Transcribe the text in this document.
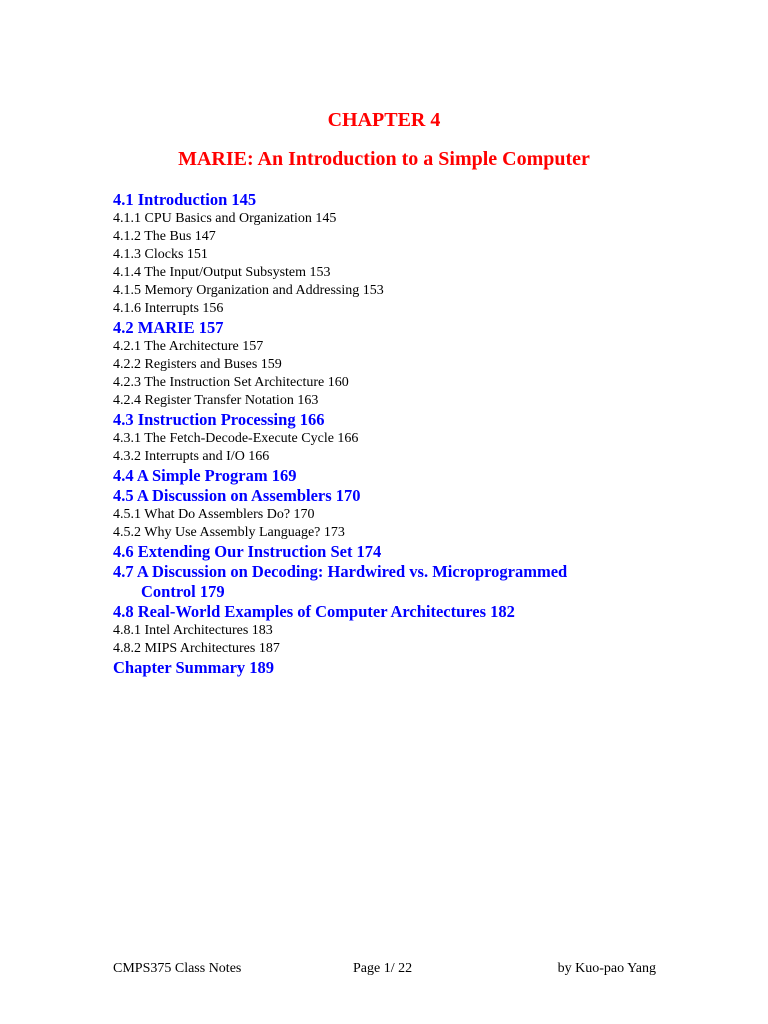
CHAPTER 4
MARIE: An Introduction to a Simple Computer
4.1 Introduction 145
4.1.1 CPU Basics and Organization 145
4.1.2 The Bus 147
4.1.3 Clocks 151
4.1.4 The Input/Output Subsystem 153
4.1.5 Memory Organization and Addressing 153
4.1.6 Interrupts 156
4.2 MARIE 157
4.2.1 The Architecture 157
4.2.2 Registers and Buses 159
4.2.3 The Instruction Set Architecture 160
4.2.4 Register Transfer Notation 163
4.3 Instruction Processing 166
4.3.1 The Fetch-Decode-Execute Cycle 166
4.3.2 Interrupts and I/O 166
4.4 A Simple Program 169
4.5 A Discussion on Assemblers 170
4.5.1 What Do Assemblers Do? 170
4.5.2 Why Use Assembly Language? 173
4.6 Extending Our Instruction Set 174
4.7 A Discussion on Decoding: Hardwired vs. Microprogrammed
Control 179
4.8 Real-World Examples of Computer Architectures 182
4.8.1 Intel Architectures 183
4.8.2 MIPS Architectures 187
Chapter Summary 189
CMPS375 Class Notes	Page 1/ 22	by Kuo-pao Yang
